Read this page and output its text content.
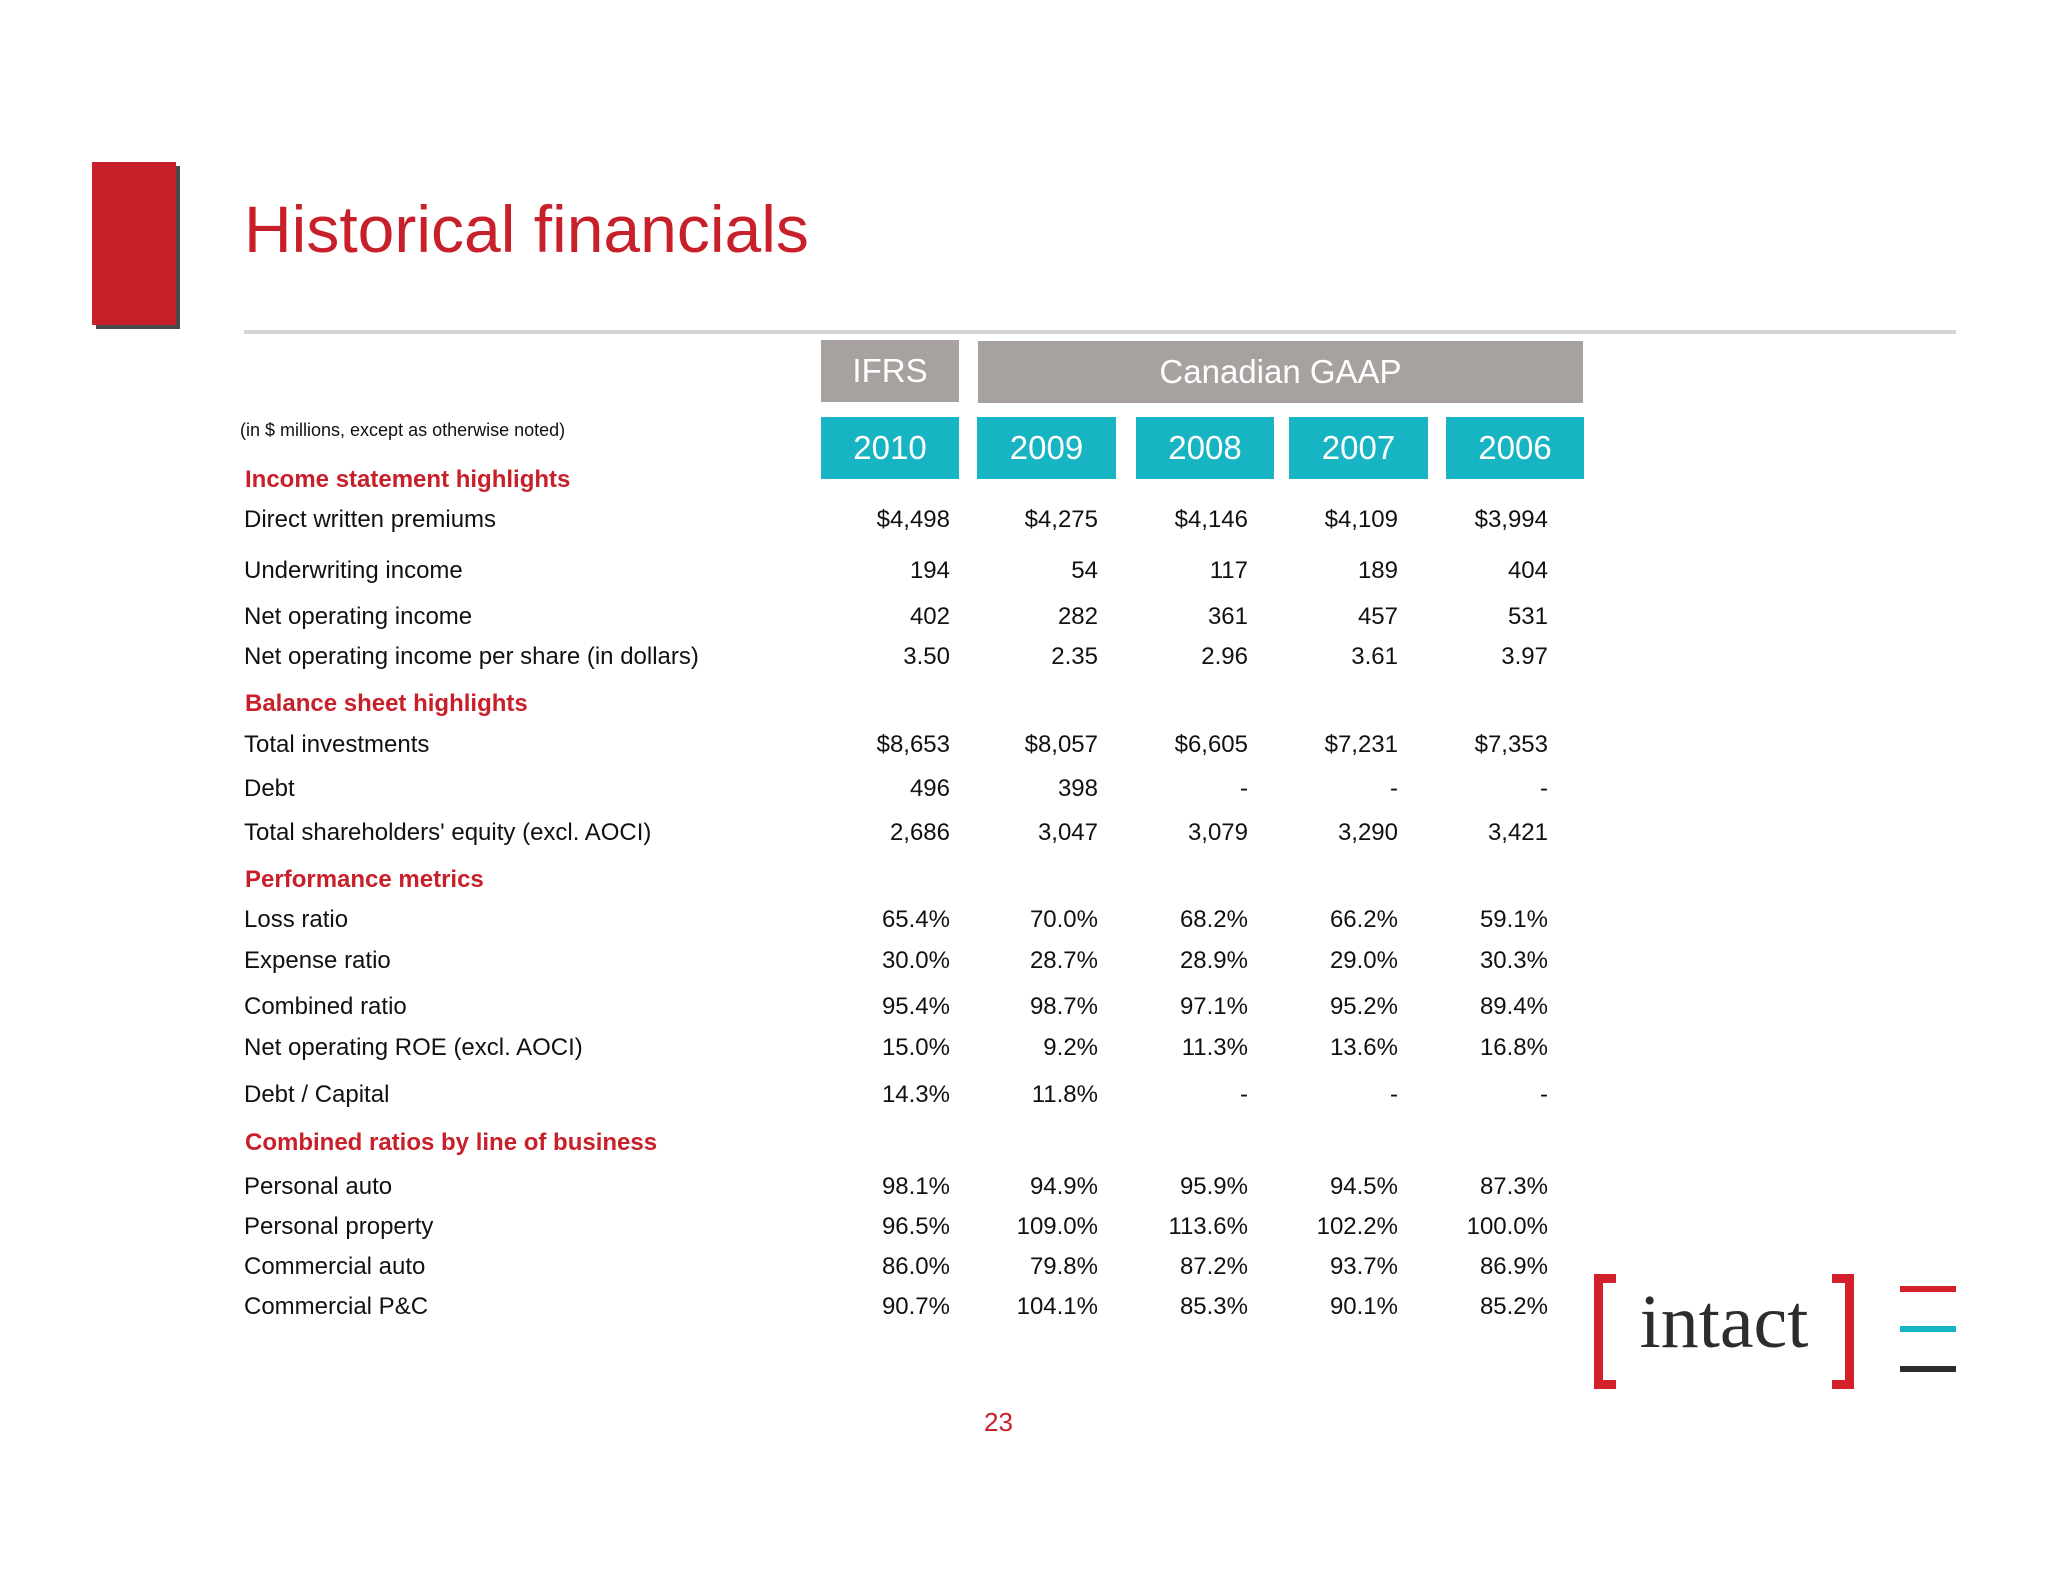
Historical financials
IFRS	Canadian GAAP
2010	2009	2008	2007	2006
(in $ millions, except as otherwise noted)
Income statement highlights
Direct written premiums	$4,498	$4,275	$4,146	$4,109	$3,994
Underwriting income	194	54	117	189	404
Net operating income	402	282	361	457	531
Net operating income per share (in dollars)	3.50	2.35	2.96	3.61	3.97
Balance sheet highlights
Total investments	$8,653	$8,057	$6,605	$7,231	$7,353
Debt	496	398	-	-	-
Total shareholders' equity (excl. AOCI)	2,686	3,047	3,079	3,290	3,421
Performance metrics
Loss ratio	65.4%	70.0%	68.2%	66.2%	59.1%
Expense ratio	30.0%	28.7%	28.9%	29.0%	30.3%
Combined ratio	95.4%	98.7%	97.1%	95.2%	89.4%
Net operating ROE (excl. AOCI)	15.0%	9.2%	11.3%	13.6%	16.8%
Debt / Capital	14.3%	11.8%	-	-	-
Combined ratios by line of business
Personal auto	98.1%	94.9%	95.9%	94.5%	87.3%
Personal property	96.5%	109.0%	113.6%	102.2%	100.0%
Commercial auto	86.0%	79.8%	87.2%	93.7%	86.9%
Commercial P&C	90.7%	104.1%	85.3%	90.1%	85.2% intact
23
